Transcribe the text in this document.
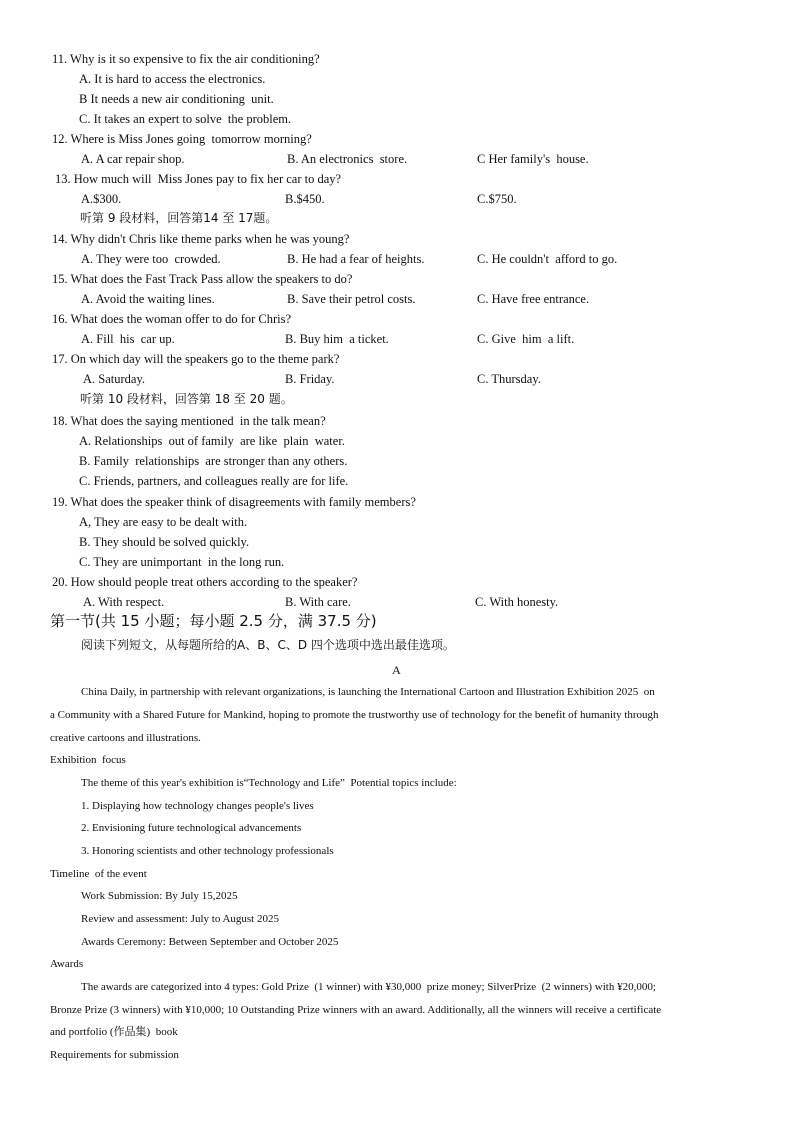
11. Why is it so expensive to fix the air conditioning?
A. It is hard to access the electronics.
B It needs a new air conditioning  unit.
C. It takes an expert to solve  the problem.
12. Where is Miss Jones going  tomorrow morning?
A. A car repair shop.	B. An electronics  store.	C Her family's  house.
13. How much will  Miss Jones pay to fix her car to day?
A.$300.	B.$450.	C.$750.
听第 9 段材料，回答第14 至 17题。
14. Why didn't Chris like theme parks when he was young?
A. They were too  crowded.	B. He had a fear of heights.	C. He couldn't  afford to go.
15. What does the Fast Track Pass allow the speakers to do?
A. Avoid the waiting lines.	B. Save their petrol costs.	C. Have free entrance.
16. What does the woman offer to do for Chris?
A. Fill  his  car up.	B. Buy him  a ticket.	C. Give  him  a lift.
17. On which day will the speakers go to the theme park?
A. Saturday.	B. Friday.	C. Thursday.
听第 10 段材料，回答第 18 至 20 题。
18. What does the saying mentioned  in the talk mean?
A. Relationships  out of family  are like  plain  water.
B. Family  relationships  are stronger than any others.
C. Friends, partners, and colleagues really are for life.
19. What does the speaker think of disagreements with family members?
A, They are easy to be dealt with.
B. They should be solved quickly.
C. They are unimportant  in the long run.
20. How should people treat others according to the speaker?
A. With respect.	B. With care.	C. With honesty.
第一节(共 15 小题；每小题 2.5 分，满 37.5 分)
阅读下列短文，从每题所给的A、B、C、D 四个选项中选出最佳选项。
A
China Daily, in partnership with relevant organizations, is launching the International Cartoon and Illustration Exhibition 2025  on
a Community with a Shared Future for Mankind, hoping to promote the trustworthy use of technology for the benefit of humanity through
creative cartoons and illustrations.
Exhibition  focus
The theme of this year's exhibition is“Technology and Life”  Potential topics include:
1. Displaying how technology changes people's lives
2. Envisioning future technological advancements
3. Honoring scientists and other technology professionals
Timeline  of the event
Work Submission: By July 15,2025
Review and assessment: July to August 2025
Awards Ceremony: Between September and October 2025
Awards
The awards are categorized into 4 types: Gold Prize  (1 winner) with ¥30,000  prize money; SilverPrize  (2 winners) with ¥20,000;
Bronze Prize (3 winners) with ¥10,000; 10 Outstanding Prize winners with an award. Additionally, all the winners will receive a certificate
and portfolio (作品集)  book
Requirements for submission
